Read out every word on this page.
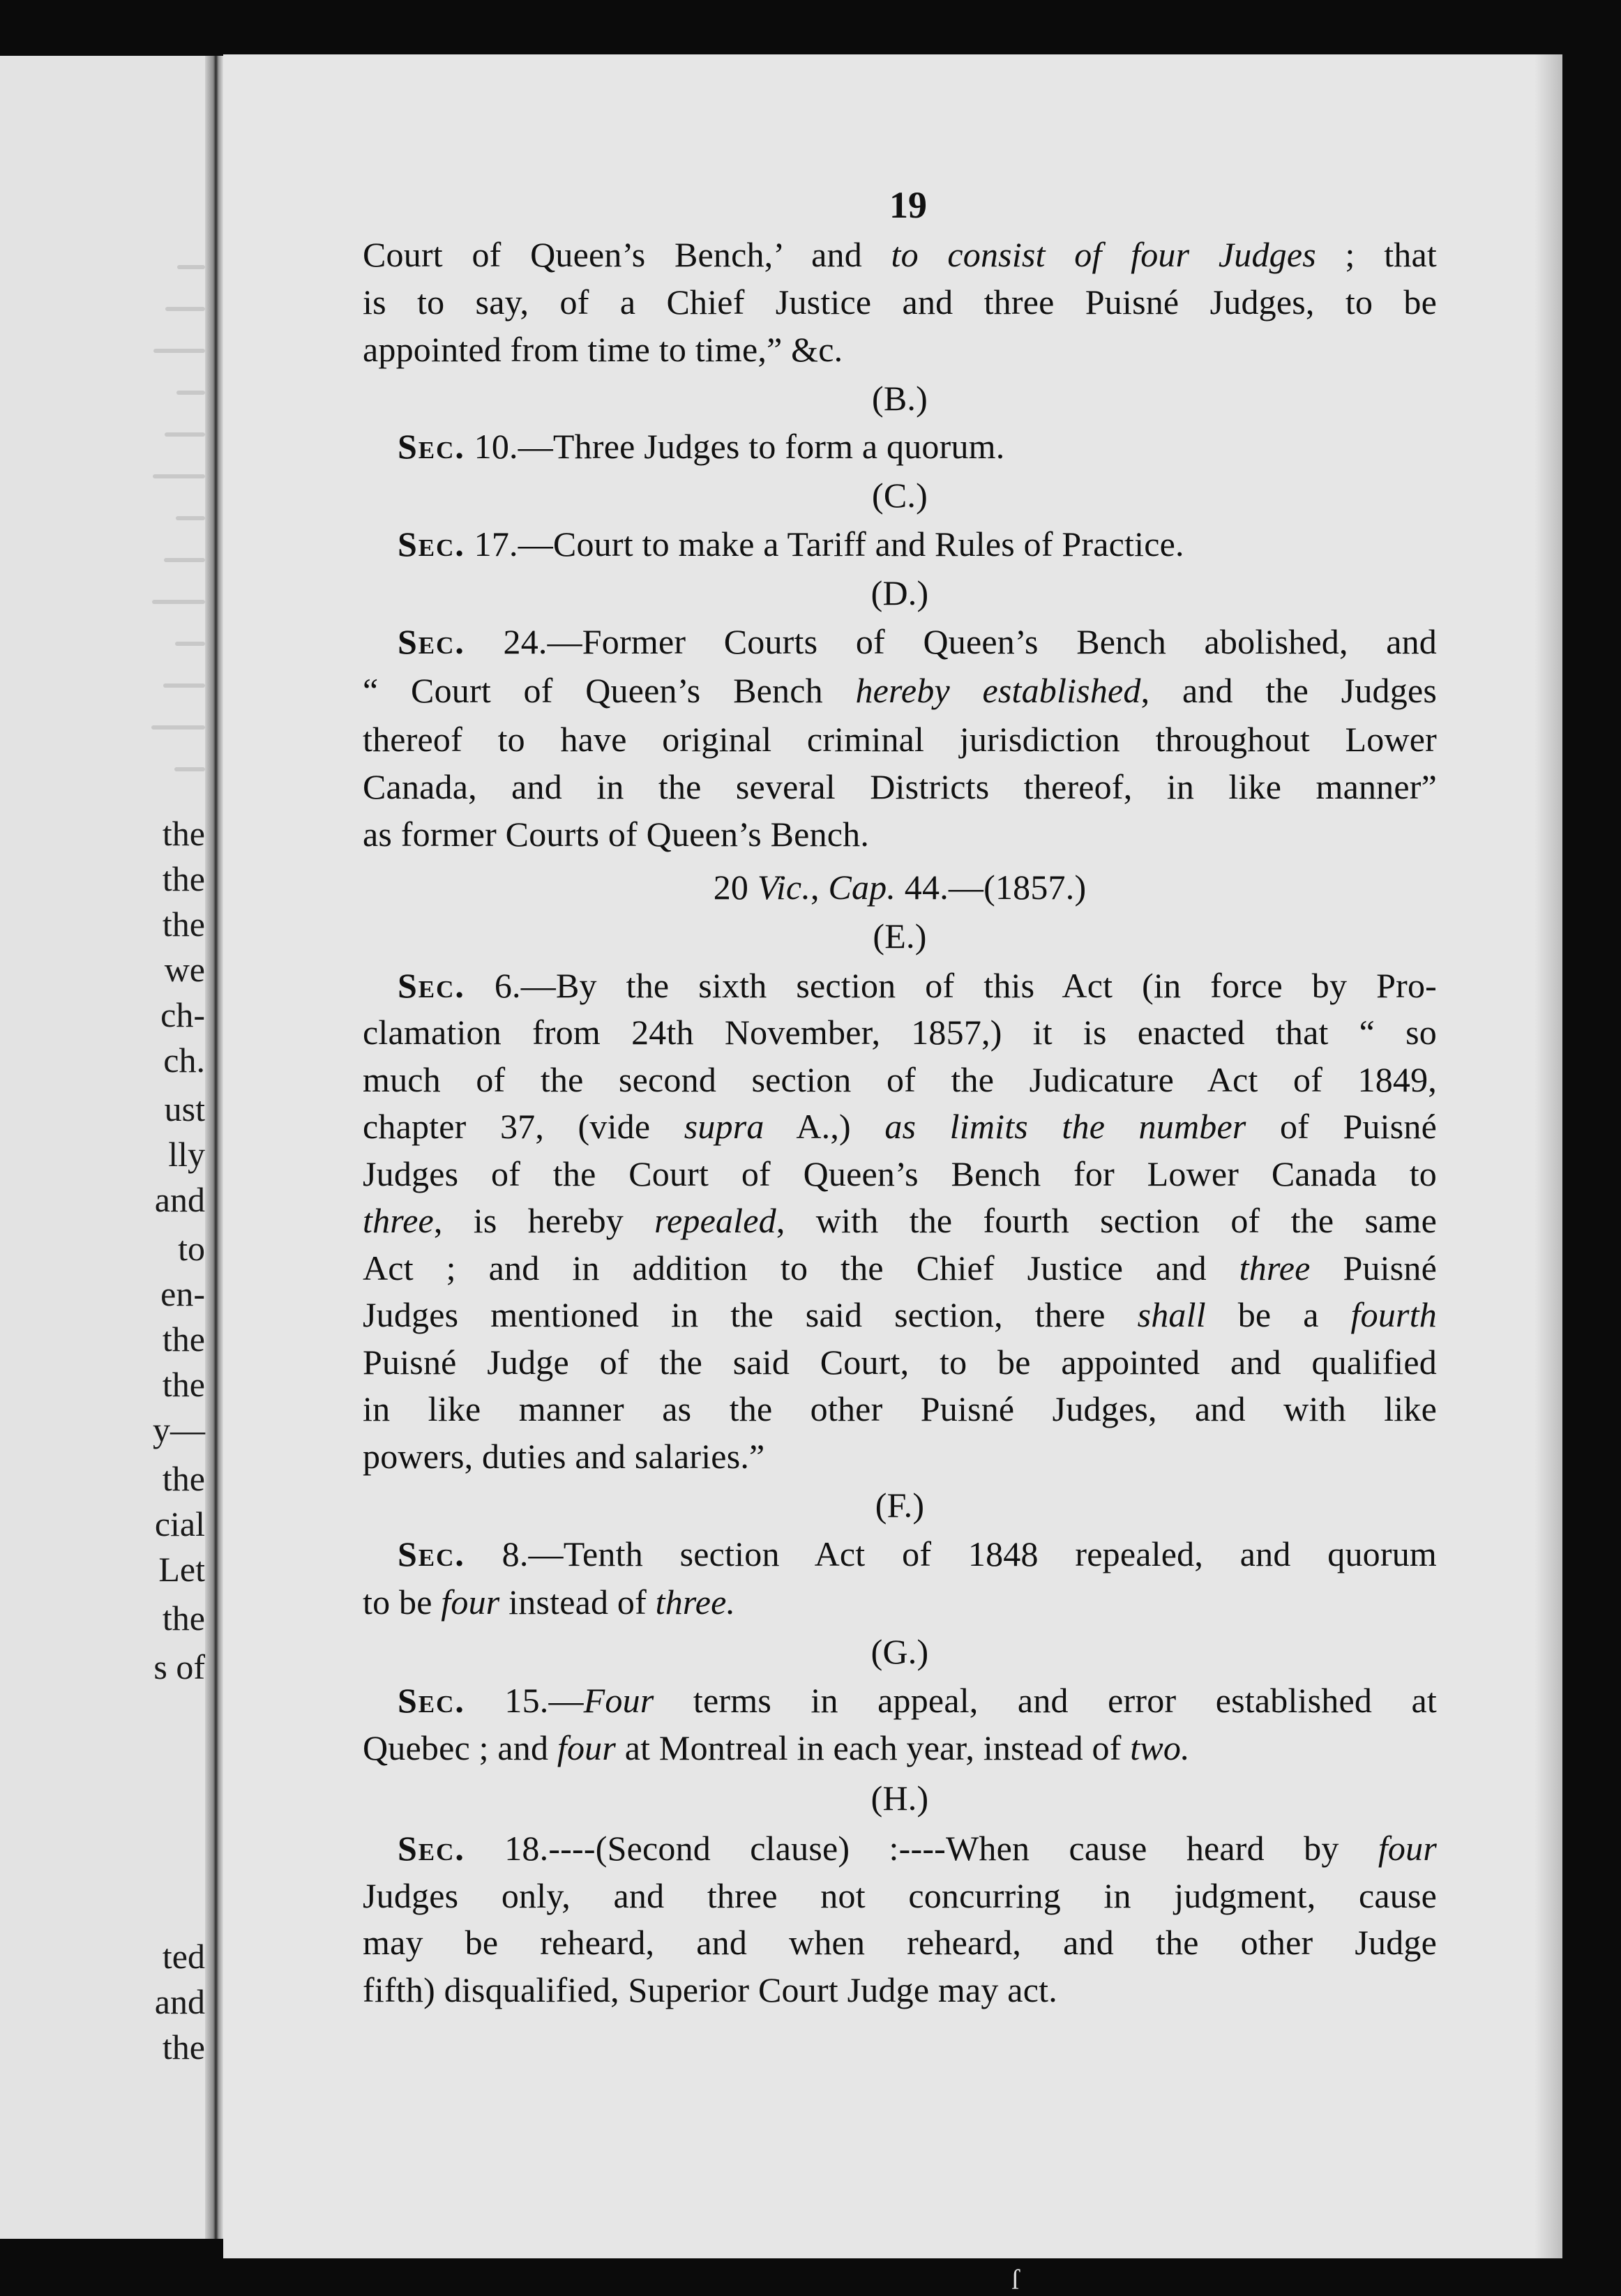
the
the
the
we
ch-
ch.
ust
lly
and
to
en-
the
the
y—
the
cial
Let
the
s of
ted
and
the
19
Court of Queen’s Bench,’ and to consist of four Judges ; that
is to say, of a Chief Justice and three Puisné Judges, to be
appointed from time to time,” &c.
(B.)
Sec. 10.—Three Judges to form a quorum.
(C.)
Sec. 17.—Court to make a Tariff and Rules of Practice.
(D.)
Sec. 24.—Former Courts of Queen’s Bench abolished, and
“ Court of Queen’s Bench hereby established, and the Judges
thereof to have original criminal jurisdiction throughout Lower
Canada, and in the several Districts thereof, in like manner”
as former Courts of Queen’s Bench.
20 Vic., Cap. 44.—(1857.)
(E.)
Sec. 6.—By the sixth section of this Act (in force by Pro-
clamation from 24th November, 1857,) it is enacted that “ so
much of the second section of the Judicature Act of 1849,
chapter 37, (vide supra A.,) as limits the number of Puisné
Judges of the Court of Queen’s Bench for Lower Canada to
three, is hereby repealed, with the fourth section of the same
Act ; and in addition to the Chief Justice and three Puisné
Judges mentioned in the said section, there shall be a fourth
Puisné Judge of the said Court, to be appointed and qualified
in like manner as the other Puisné Judges, and with like
powers, duties and salaries.”
(F.)
Sec. 8.—Tenth section Act of 1848 repealed, and quorum
to be four instead of three.
(G.)
Sec. 15.—Four terms in appeal, and error established at
Quebec ; and four at Montreal in each year, instead of two.
(H.)
Sec. 18.----(Second clause) :----When cause heard by four
Judges only, and three not concurring in judgment, cause
may be reheard, and when reheard, and the other Judge
fifth) disqualified, Superior Court Judge may act.
ſ
